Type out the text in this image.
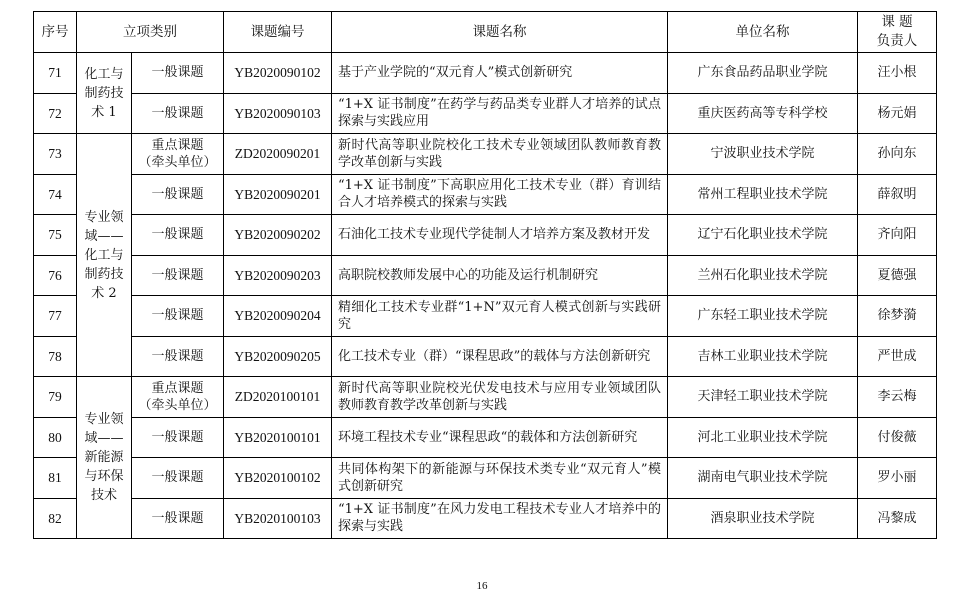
序号	立项类别		课题编号	课题名称	单位名称	课 题
负责人
71	化工与
制药技
术 1	一般课题	YB2020090102	基于产业学院的“双元育人”模式创新研究	广东食品药品职业学院	汪小根
72		一般课题	YB2020090103	“1+X 证书制度”在药学与药品类专业群人才培养的试点探索与实践应用	重庆医药高等专科学校	杨元娟
73	专业领
域——
化工与
制药技
术 2	重点课题
（牵头单位）	ZD2020090201	新时代高等职业院校化工技术专业领域团队教师教育教学改革创新与实践	宁波职业技术学院	孙向东
74		一般课题	YB2020090201	“1+X 证书制度”下高职应用化工技术专业（群）育训结合人才培养模式的探索与实践	常州工程职业技术学院	薛叙明
75		一般课题	YB2020090202	石油化工技术专业现代学徒制人才培养方案及教材开发	辽宁石化职业技术学院	齐向阳
76		一般课题	YB2020090203	高职院校教师发展中心的功能及运行机制研究	兰州石化职业技术学院	夏德强
77		一般课题	YB2020090204	精细化工技术专业群“1+N”双元育人模式创新与实践研究	广东轻工职业技术学院	徐梦漪
78		一般课题	YB2020090205	化工技术专业（群）“课程思政”的载体与方法创新研究	吉林工业职业技术学院	严世成
79	专业领
域——
新能源
与环保
技术	重点课题
（牵头单位）	ZD2020100101	新时代高等职业院校光伏发电技术与应用专业领域团队教师教育教学改革创新与实践	天津轻工职业技术学院	李云梅
80		一般课题	YB2020100101	环境工程技术专业“课程思政“的载体和方法创新研究	河北工业职业技术学院	付俊薇
81		一般课题	YB2020100102	共同体构架下的新能源与环保技术类专业“双元育人”模式创新研究	湖南电气职业技术学院	罗小丽
82		一般课题	YB2020100103	“1+X 证书制度”在风力发电工程技术专业人才培养中的探索与实践	酒泉职业技术学院	冯黎成
16
